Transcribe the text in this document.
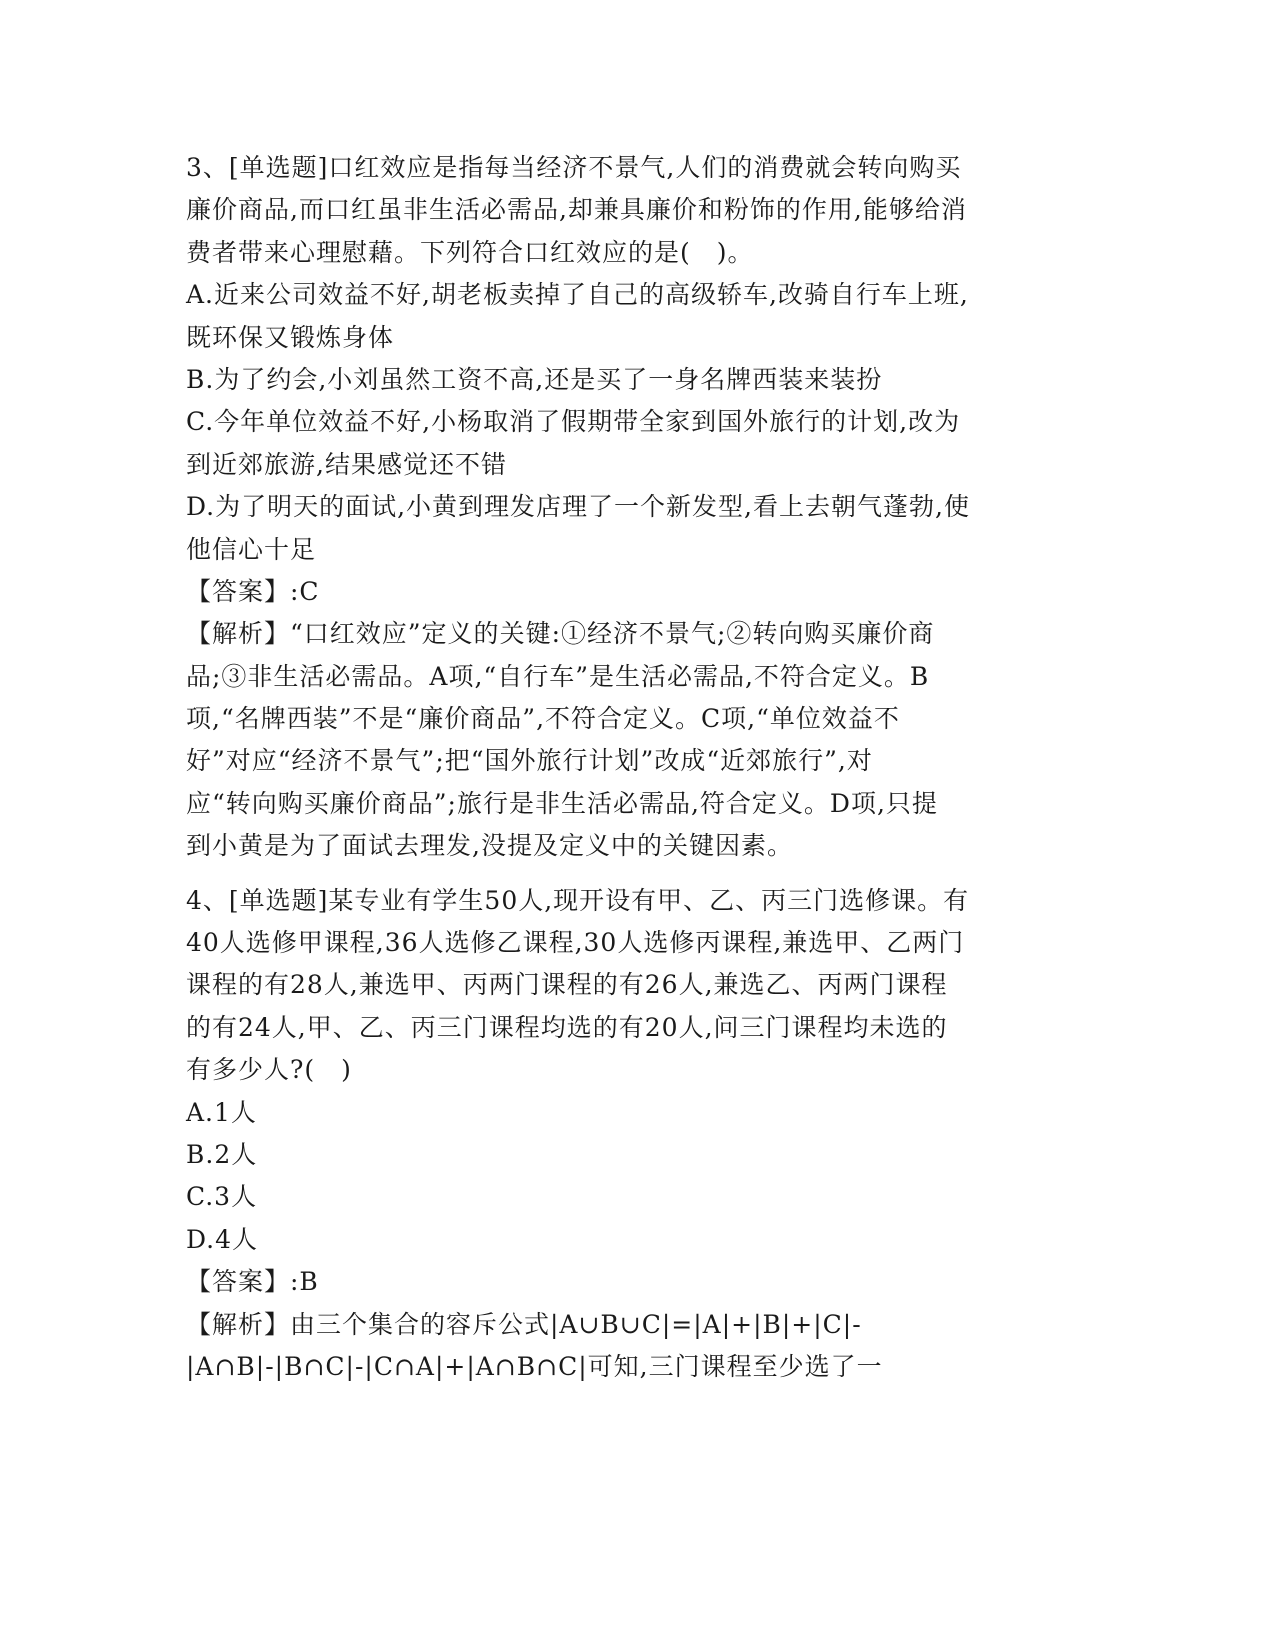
3、[单选题]口红效应是指每当经济不景气,人们的消费就会转向购买
廉价商品,而口红虽非生活必需品,却兼具廉价和粉饰的作用,能够给消
费者带来心理慰藉。下列符合口红效应的是(　)。
A.近来公司效益不好,胡老板卖掉了自己的高级轿车,改骑自行车上班,
既环保又锻炼身体
B.为了约会,小刘虽然工资不高,还是买了一身名牌西装来装扮
C.今年单位效益不好,小杨取消了假期带全家到国外旅行的计划,改为
到近郊旅游,结果感觉还不错
D.为了明天的面试,小黄到理发店理了一个新发型,看上去朝气蓬勃,使
他信心十足
【答案】:C
【解析】“口红效应”定义的关键:①经济不景气;②转向购买廉价商
品;③非生活必需品。A项,“自行车”是生活必需品,不符合定义。B
项,“名牌西装”不是“廉价商品”,不符合定义。C项,“单位效益不
好”对应“经济不景气”;把“国外旅行计划”改成“近郊旅行”,对
应“转向购买廉价商品”;旅行是非生活必需品,符合定义。D项,只提
到小黄是为了面试去理发,没提及定义中的关键因素。
4、[单选题]某专业有学生50人,现开设有甲、乙、丙三门选修课。有
40人选修甲课程,36人选修乙课程,30人选修丙课程,兼选甲、乙两门
课程的有28人,兼选甲、丙两门课程的有26人,兼选乙、丙两门课程
的有24人,甲、乙、丙三门课程均选的有20人,问三门课程均未选的
有多少人?(　)
A.1人
B.2人
C.3人
D.4人
【答案】:B
【解析】由三个集合的容斥公式|A∪B∪C|=|A|+|B|+|C|-
|A∩B|-|B∩C|-|C∩A|+|A∩B∩C|可知,三门课程至少选了一
